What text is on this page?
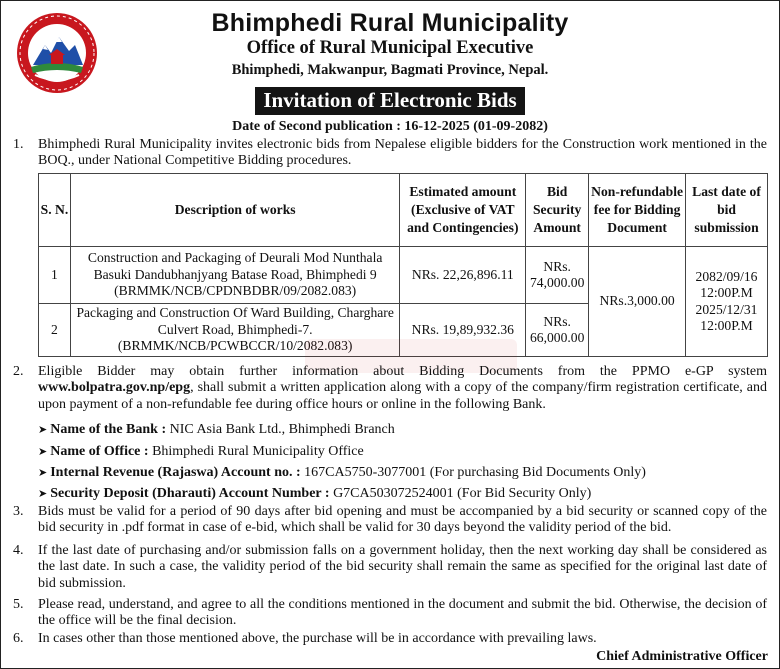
Bhimphedi Rural Municipality
Office of Rural Municipal Executive
Bhimphedi, Makwanpur, Bagmati Province, Nepal.
Invitation of Electronic Bids
Date of Second publication : 16-12-2025 (01-09-2082)
1. Bhimphedi Rural Municipality invites electronic bids from Nepalese eligible bidders for the Construction work mentioned in the BOQ., under National Competitive Bidding procedures.
S. N.	Description of works	Estimated amount (Exclusive of VAT and Contingencies)	Bid Security Amount	Non-refundable fee for Bidding Document	Last date of bid submission
1	Construction and Packaging of Deurali Mod Nunthala Basuki Dandubhanjyang Batase Road, Bhimphedi 9 (BRMMK/NCB/CPDNBDBR/09/2082.083)	NRs. 22,26,896.11	NRs. 74,000.00	NRs.3,000.00	2082/09/16 12:00P.M 2025/12/31 12:00P.M
2	Packaging and Construction Of Ward Building, Charghare Culvert Road, Bhimphedi-7. (BRMMK/NCB/PCWBCCR/10/2082.083)	NRs. 19,89,932.36	NRs. 66,000.00		
2. Eligible Bidder may obtain further information about Bidding Documents from the PPMO e-GP system www.bolpatra.gov.np/epg, shall submit a written application along with a copy of the company/firm registration certificate, and upon payment of a non-refundable fee during office hours or online in the following Bank.
➤ Name of the Bank : NIC Asia Bank Ltd., Bhimphedi Branch
➤ Name of Office : Bhimphedi Rural Municipality Office
➤ Internal Revenue (Rajaswa) Account no. : 167CA5750-3077001 (For purchasing Bid Documents Only)
➤ Security Deposit (Dharauti) Account Number : G7CA503072524001 (For Bid Security Only)
3. Bids must be valid for a period of 90 days after bid opening and must be accompanied by a bid security or scanned copy of the bid security in .pdf format in case of e-bid, which shall be valid for 30 days beyond the validity period of the bid.
4. If the last date of purchasing and/or submission falls on a government holiday, then the next working day shall be considered as the last date. In such a case, the validity period of the bid security shall remain the same as specified for the original last date of bid submission.
5. Please read, understand, and agree to all the conditions mentioned in the document and submit the bid. Otherwise, the decision of the office will be the final decision.
6. In cases other than those mentioned above, the purchase will be in accordance with prevailing laws.
Chief Administrative Officer
